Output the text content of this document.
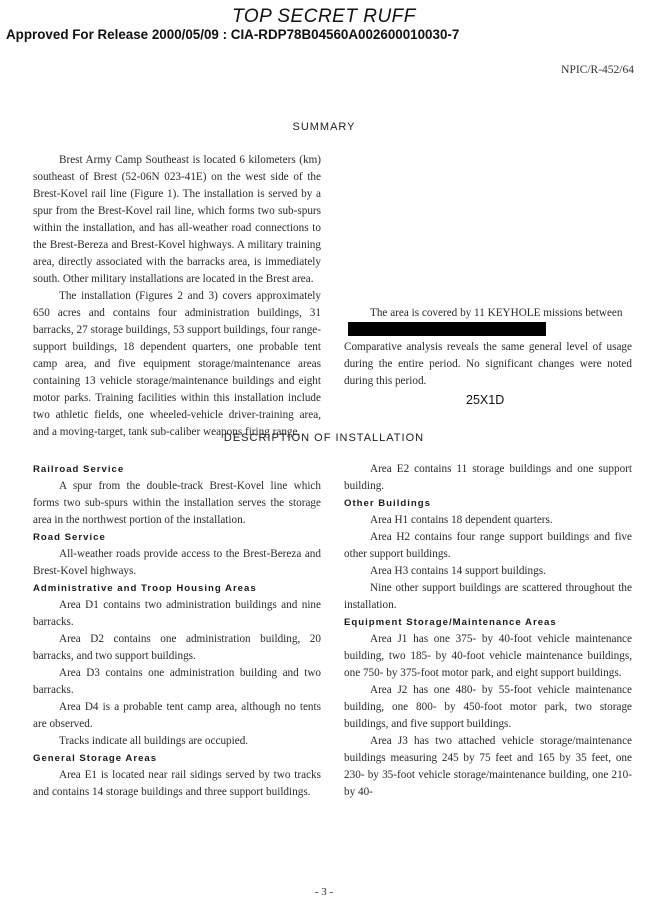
TOP SECRET RUFF
Approved For Release 2000/05/09 : CIA-RDP78B04560A002600010030-7
NPIC/R-452/64
SUMMARY

Brest Army Camp Southeast is located 6 kilometers (km) southeast of Brest (52-06N 023-41E) on the west side of the Brest-Kovel rail line (Figure 1). The installation is served by a spur from the Brest-Kovel rail line, which forms two sub-spurs within the installation, and has all-weather road connections to the Brest-Bereza and Brest-Kovel highways. A military training area, directly associated with the barracks area, is immediately south. Other military installations are located in the Brest area.

The installation (Figures 2 and 3) covers approximately 650 acres and contains four administration buildings, 31 barracks, 27 storage buildings, 53 support buildings, four range-support buildings, 18 dependent quarters, one probable tent camp area, and five equipment storage/maintenance areas containing 13 vehicle storage/maintenance buildings and eight motor parks. Training facilities within this installation include two athletic fields, one wheeled-vehicle driver-training area, and a moving-target, tank sub-caliber weapons firing range.

The area is covered by 11 KEYHOLE missions between

Comparative analysis reveals the same general level of usage during the entire period. No significant changes were noted during this period.

25X1D
DESCRIPTION OF INSTALLATION
Railroad Service

A spur from the double-track Brest-Kovel line which forms two sub-spurs within the installation serves the storage area in the northwest portion of the installation.

Road Service

All-weather roads provide access to the Brest-Bereza and Brest-Kovel highways.

Administrative and Troop Housing Areas

Area D1 contains two administration buildings and nine barracks.

Area D2 contains one administration building, 20 barracks, and two support buildings.

Area D3 contains one administration building and two barracks.

Area D4 is a probable tent camp area, although no tents are observed.

Tracks indicate all buildings are occupied.

General Storage Areas

Area E1 is located near rail sidings served by two tracks and contains 14 storage buildings and three support buildings.

Area E2 contains 11 storage buildings and one support building.

Other Buildings

Area H1 contains 18 dependent quarters.

Area H2 contains four range support buildings and five other support buildings.

Area H3 contains 14 support buildings.

Nine other support buildings are scattered throughout the installation.

Equipment Storage/Maintenance Areas

Area J1 has one 375- by 40-foot vehicle maintenance building, two 185- by 40-foot vehicle maintenance buildings, one 750- by 375-foot motor park, and eight support buildings.

Area J2 has one 480- by 55-foot vehicle maintenance building, one 800- by 450-foot motor park, two storage buildings, and five support buildings.

Area J3 has two attached vehicle storage/maintenance buildings measuring 245 by 75 feet and 165 by 35 feet, one 230- by 35-foot vehicle storage/maintenance building, one 210- by 40-

- 3 -
